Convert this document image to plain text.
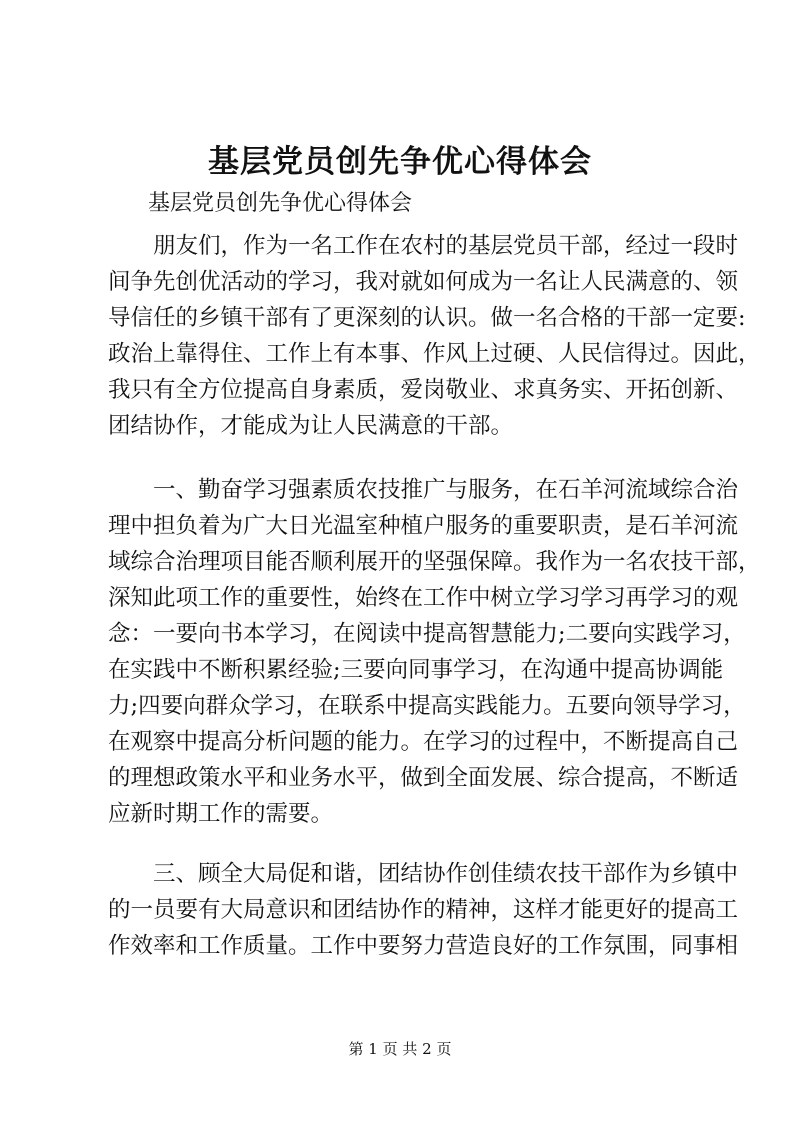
基层党员创先争优心得体会
基层党员创先争优心得体会
　　朋友们，作为一名工作在农村的基层党员干部，经过一段时
间争先创优活动的学习，我对就如何成为一名让人民满意的、领
导信任的乡镇干部有了更深刻的认识。做一名合格的干部一定要:
政治上靠得住、工作上有本事、作风上过硬、人民信得过。因此，
我只有全方位提高自身素质，爱岗敬业、求真务实、开拓创新、
团结协作，才能成为让人民满意的干部。
　　一、勤奋学习强素质农技推广与服务，在石羊河流域综合治
理中担负着为广大日光温室种植户服务的重要职责，是石羊河流
域综合治理项目能否顺利展开的坚强保障。我作为一名农技干部，
深知此项工作的重要性，始终在工作中树立学习学习再学习的观
念：一要向书本学习，在阅读中提高智慧能力;二要向实践学习，
在实践中不断积累经验;三要向同事学习，在沟通中提高协调能
力;四要向群众学习，在联系中提高实践能力。五要向领导学习，
在观察中提高分析问题的能力。在学习的过程中，不断提高自己
的理想政策水平和业务水平，做到全面发展、综合提高，不断适
应新时期工作的需要。
　　三、顾全大局促和谐，团结协作创佳绩农技干部作为乡镇中
的一员要有大局意识和团结协作的精神，这样才能更好的提高工
作效率和工作质量。工作中要努力营造良好的工作氛围，同事相
第 1 页 共 2 页
